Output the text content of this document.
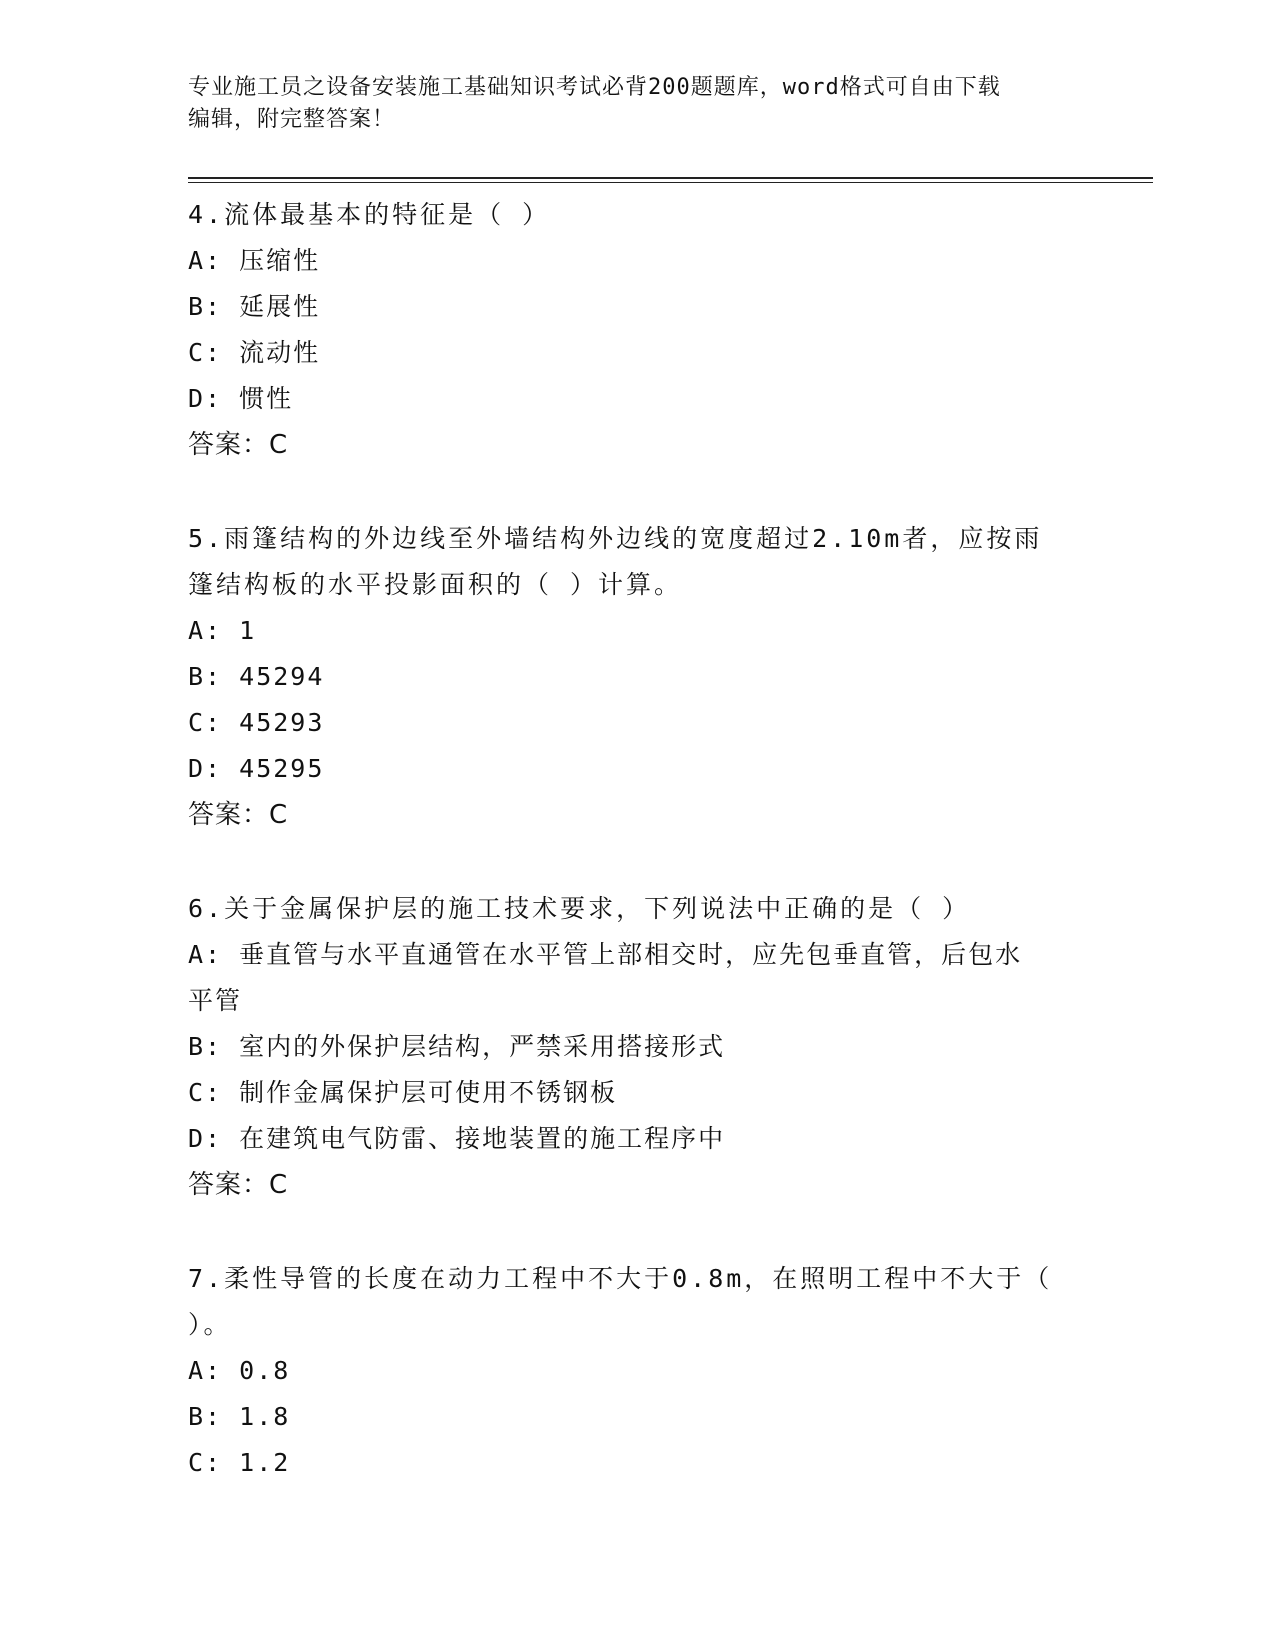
专业施工员之设备安装施工基础知识考试必背200题题库，word格式可自由下载
编辑，附完整答案！
4.流体最基本的特征是（ ）
A: 压缩性
B: 延展性
C: 流动性
D: 惯性
答案：C
5.雨篷结构的外边线至外墙结构外边线的宽度超过2.10m者，应按雨
篷结构板的水平投影面积的（ ）计算。
A: 1
B: 45294
C: 45293
D: 45295
答案：C
6.关于金属保护层的施工技术要求，下列说法中正确的是（ ）
A: 垂直管与水平直通管在水平管上部相交时，应先包垂直管，后包水
平管
B: 室内的外保护层结构，严禁采用搭接形式
C: 制作金属保护层可使用不锈钢板
D: 在建筑电气防雷、接地装置的施工程序中
答案：C
7.柔性导管的长度在动力工程中不大于0.8m，在照明工程中不大于（
）。
A: 0.8
B: 1.8
C: 1.2
